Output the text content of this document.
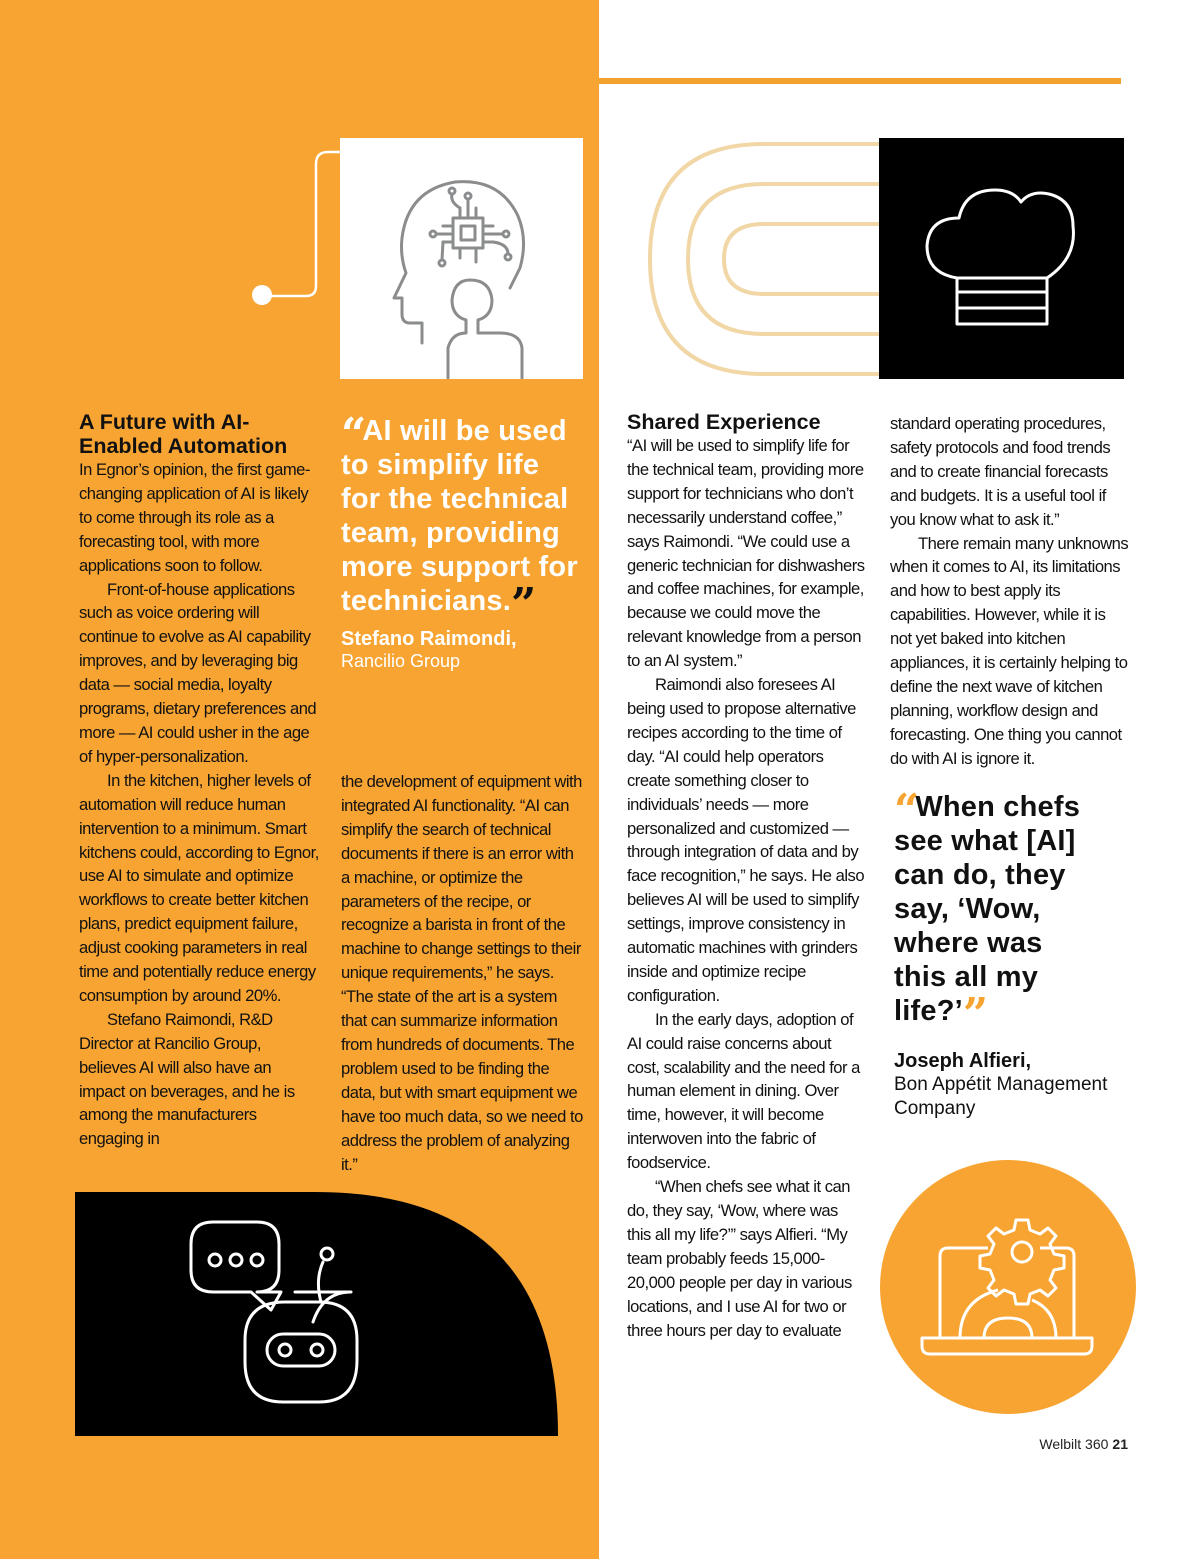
A Future with AI-Enabled Automation

In Egnor’s opinion, the first game-changing application of AI is likely to come through its role as a forecasting tool, with more applications soon to follow.

Front-of-house applications such as voice ordering will continue to evolve as AI capability improves, and by leveraging big data — social media, loyalty programs, dietary preferences and more — AI could usher in the age of hyper-personalization.

In the kitchen, higher levels of automation will reduce human intervention to a minimum. Smart kitchens could, according to Egnor, use AI to simulate and optimize workflows to create better kitchen plans, predict equipment failure, adjust cooking parameters in real time and potentially reduce energy consumption by around 20%.

Stefano Raimondi, R&D Director at Rancilio Group, believes AI will also have an impact on beverages, and he is among the manufacturers engaging in

“AI will be used to simplify life for the technical team, providing more support for technicians.”
Stefano Raimondi,
Rancilio Group

the development of equipment with integrated AI functionality. “AI can simplify the search of technical documents if there is an error with a machine, or optimize the parameters of the recipe, or recognize a barista in front of the machine to change settings to their unique requirements,” he says. “The state of the art is a system that can summarize information from hundreds of documents. The problem used to be finding the data, but with smart equipment we have too much data, so we need to address the problem of analyzing it.”

Shared Experience

“AI will be used to simplify life for the technical team, providing more support for technicians who don’t necessarily understand coffee,” says Raimondi. “We could use a generic technician for dishwashers and coffee machines, for example, because we could move the relevant knowledge from a person to an AI system.”

Raimondi also foresees AI being used to propose alternative recipes according to the time of day. “AI could help operators create something closer to individuals’ needs — more personalized and customized — through integration of data and by face recognition,” he says. He also believes AI will be used to simplify settings, improve consistency in automatic machines with grinders inside and optimize recipe configuration.

In the early days, adoption of AI could raise concerns about cost, scalability and the need for a human element in dining. Over time, however, it will become interwoven into the fabric of foodservice.

“When chefs see what it can do, they say, ‘Wow, where was this all my life?’” says Alfieri. “My team probably feeds 15,000-20,000 people per day in various locations, and I use AI for two or three hours per day to evaluate

standard operating procedures, safety protocols and food trends and to create financial forecasts and budgets. It is a useful tool if you know what to ask it.”

There remain many unknowns when it comes to AI, its limitations and how to best apply its capabilities. However, while it is not yet baked into kitchen appliances, it is certainly helping to define the next wave of kitchen planning, workflow design and forecasting. One thing you cannot do with AI is ignore it.

“When chefs see what [AI] can do, they say, ‘Wow, where was this all my life?’”
Joseph Alfieri,
Bon Appétit Management Company
Welbilt 360 21
